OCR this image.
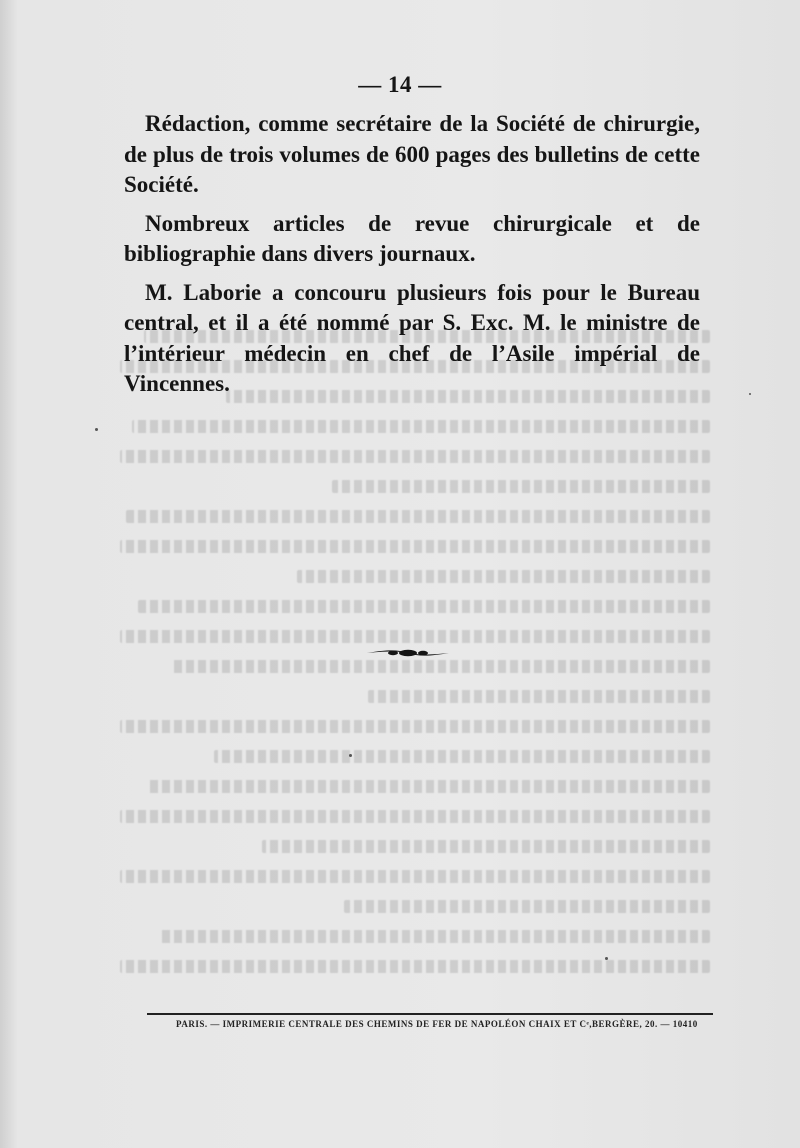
— 14 —

Rédaction, comme secrétaire de la Société de chirurgie, de plus de trois volumes de 600 pages des bulletins de cette Société.

Nombreux articles de revue chirurgicale et de bibliographie dans divers journaux.

M. Laborie a concouru plusieurs fois pour le Bureau central, et il a été nommé par S. Exc. M. le ministre de l’intérieur médecin en chef de l’Asile impérial de Vincennes.

PARIS. — IMPRIMERIE CENTRALE DES CHEMINS DE FER DE NAPOLÉON CHAIX ET Cᵉ, BERGÈRE, 20. — 10410
